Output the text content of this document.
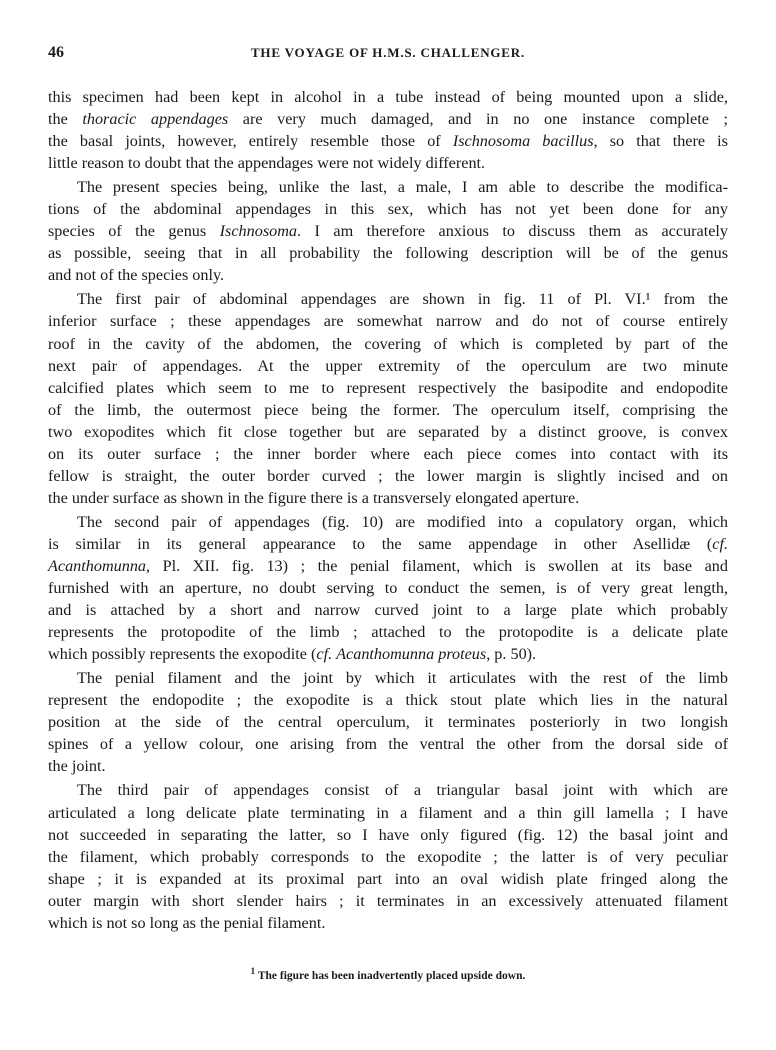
46	THE VOYAGE OF H.M.S. CHALLENGER.
this specimen had been kept in alcohol in a tube instead of being mounted upon a slide,
the thoracic appendages are very much damaged, and in no one instance complete ;
the basal joints, however, entirely resemble those of Ischnosoma bacillus, so that there is
little reason to doubt that the appendages were not widely different.
The present species being, unlike the last, a male, I am able to describe the modifica-
tions of the abdominal appendages in this sex, which has not yet been done for any
species of the genus Ischnosoma. I am therefore anxious to discuss them as accurately
as possible, seeing that in all probability the following description will be of the genus
and not of the species only.
The first pair of abdominal appendages are shown in fig. 11 of Pl. VI.¹ from the
inferior surface ; these appendages are somewhat narrow and do not of course entirely
roof in the cavity of the abdomen, the covering of which is completed by part of the
next pair of appendages. At the upper extremity of the operculum are two minute
calcified plates which seem to me to represent respectively the basipodite and endopodite
of the limb, the outermost piece being the former. The operculum itself, comprising the
two exopodites which fit close together but are separated by a distinct groove, is convex
on its outer surface ; the inner border where each piece comes into contact with its
fellow is straight, the outer border curved ; the lower margin is slightly incised and on
the under surface as shown in the figure there is a transversely elongated aperture.
The second pair of appendages (fig. 10) are modified into a copulatory organ, which
is similar in its general appearance to the same appendage in other Asellidæ (cf.
Acanthomunna, Pl. XII. fig. 13) ; the penial filament, which is swollen at its base and
furnished with an aperture, no doubt serving to conduct the semen, is of very great length,
and is attached by a short and narrow curved joint to a large plate which probably
represents the protopodite of the limb ; attached to the protopodite is a delicate plate
which possibly represents the exopodite (cf. Acanthomunna proteus, p. 50).
The penial filament and the joint by which it articulates with the rest of the limb
represent the endopodite ; the exopodite is a thick stout plate which lies in the natural
position at the side of the central operculum, it terminates posteriorly in two longish
spines of a yellow colour, one arising from the ventral the other from the dorsal side of
the joint.
The third pair of appendages consist of a triangular basal joint with which are
articulated a long delicate plate terminating in a filament and a thin gill lamella ; I have
not succeeded in separating the latter, so I have only figured (fig. 12) the basal joint and
the filament, which probably corresponds to the exopodite ; the latter is of very peculiar
shape ; it is expanded at its proximal part into an oval widish plate fringed along the
outer margin with short slender hairs ; it terminates in an excessively attenuated filament
which is not so long as the penial filament.
$^1$ The figure has been inadvertently placed upside down.
